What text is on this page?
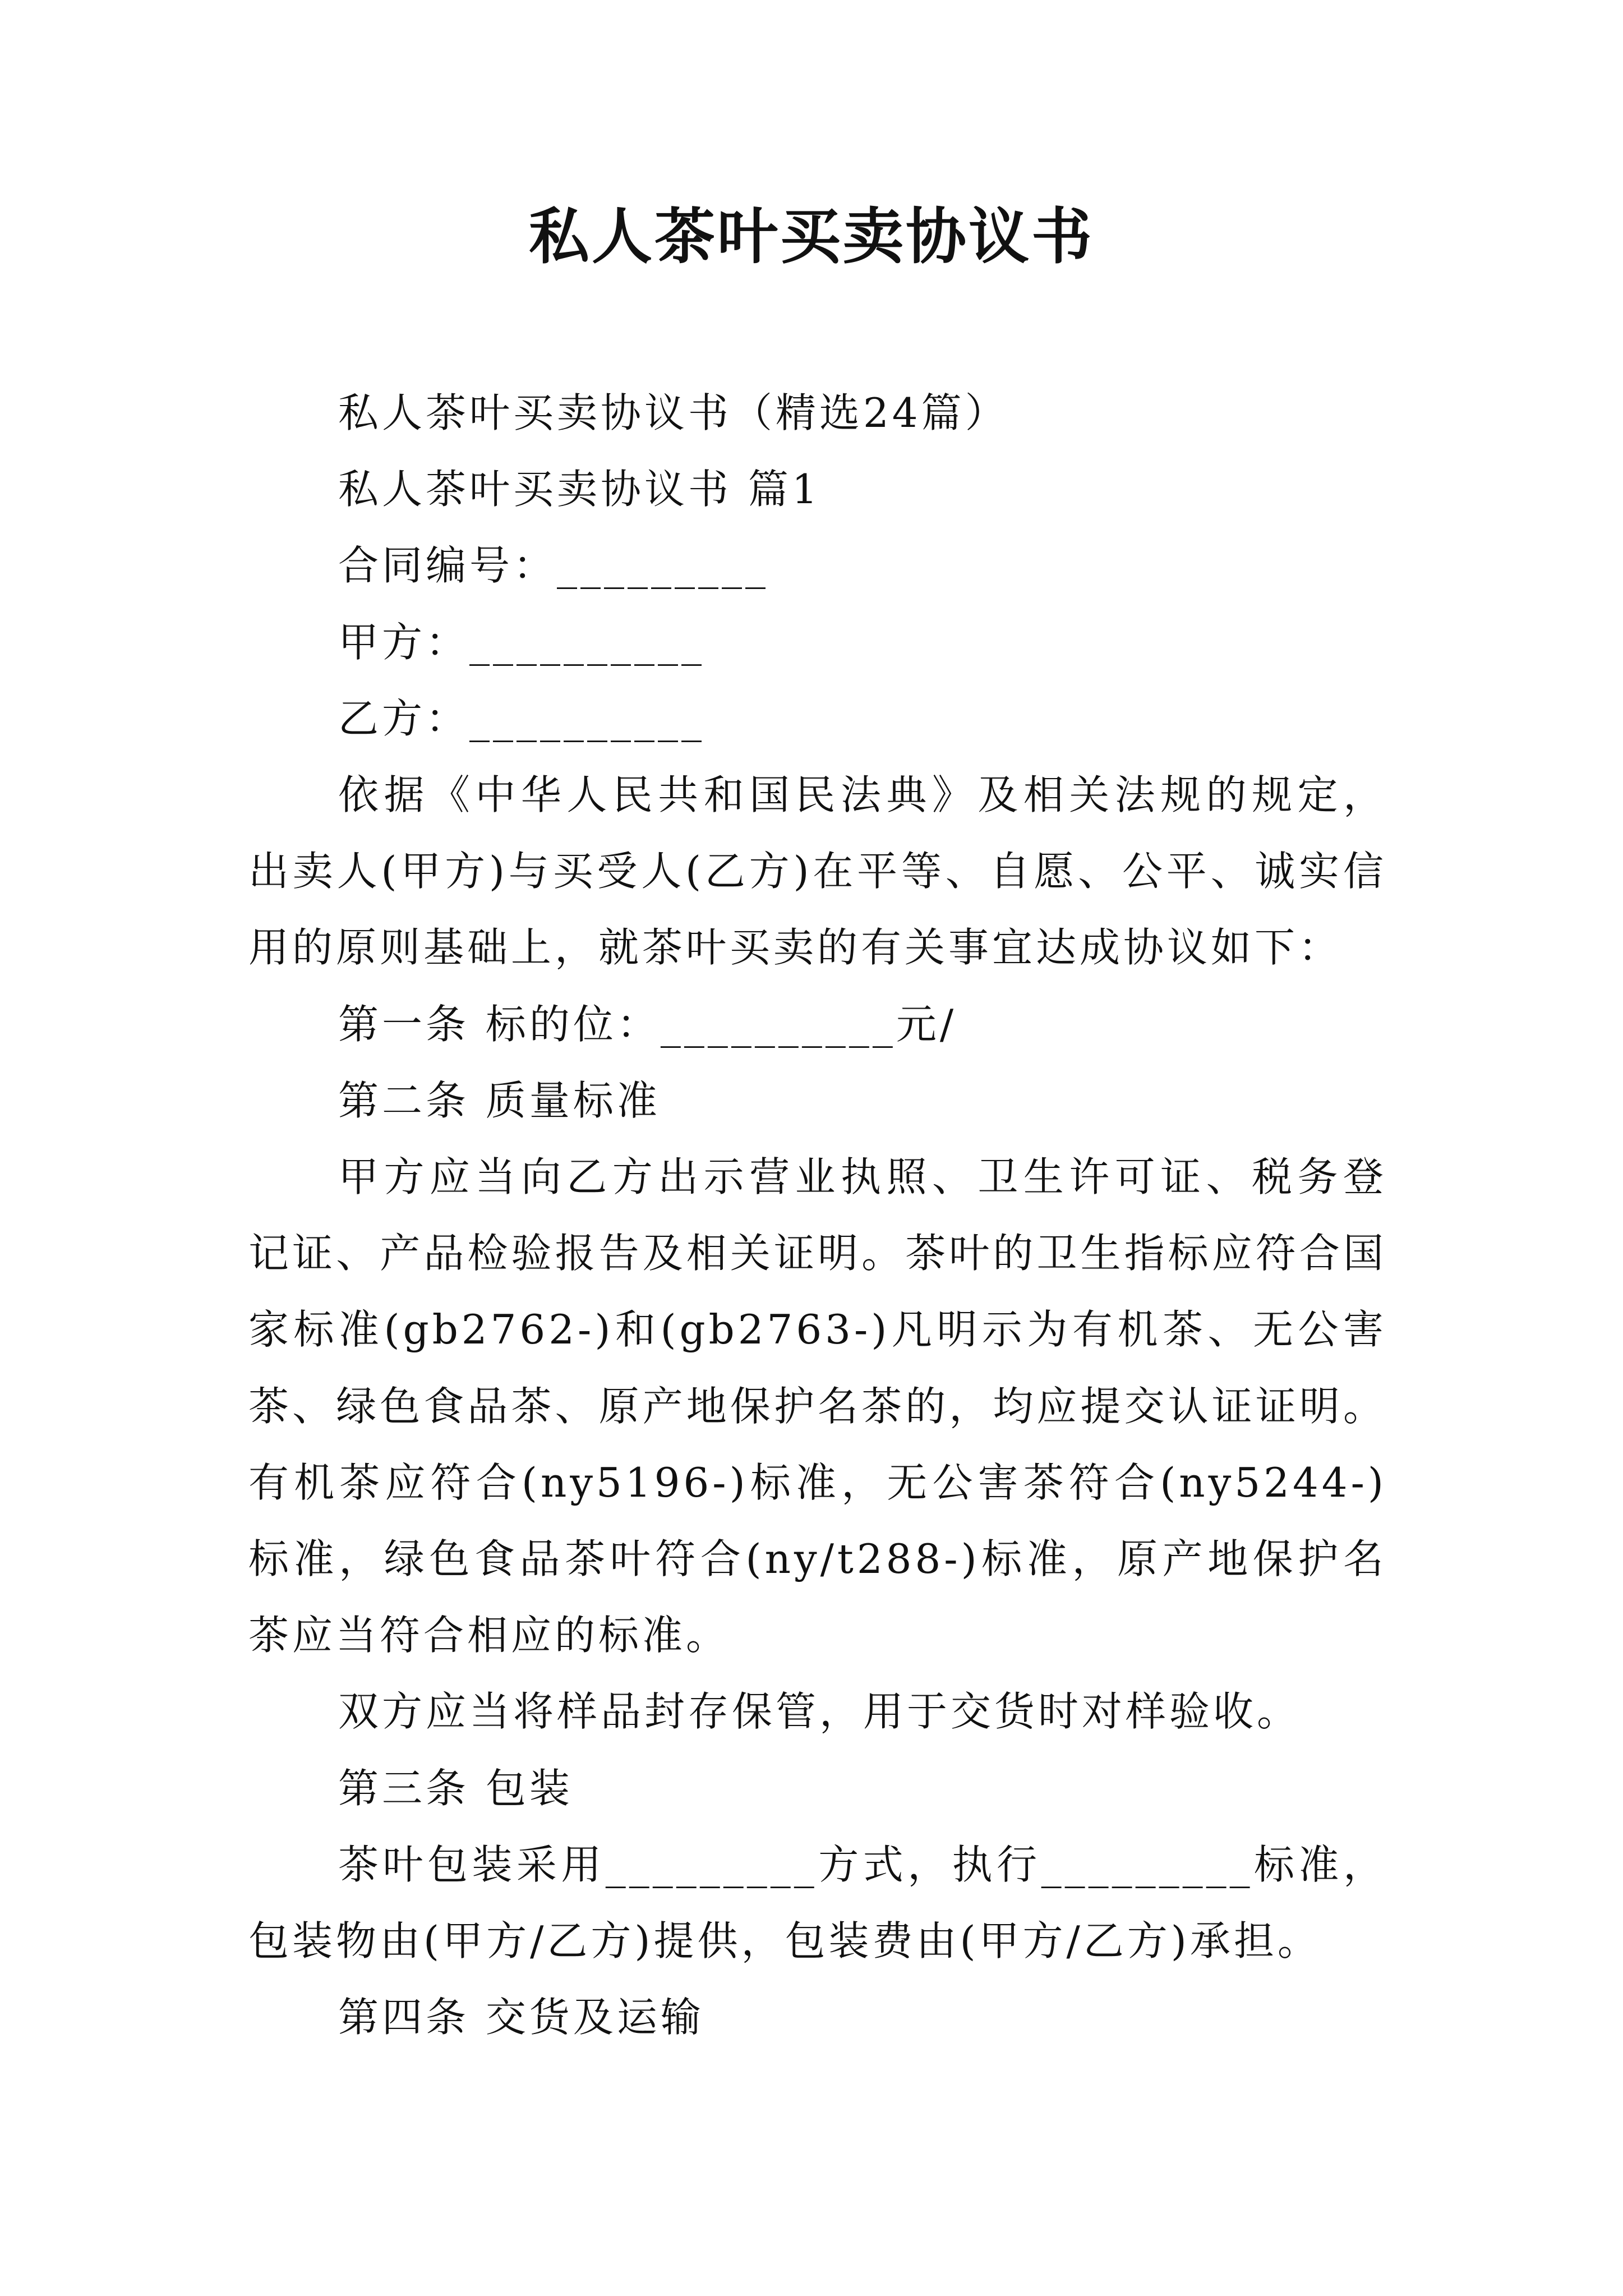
私人茶叶买卖协议书

私人茶叶买卖协议书（精选24篇）

私人茶叶买卖协议书 篇1

合同编号：_________

甲方：__________

乙方：__________

依据《中华人民共和国民法典》及相关法规的规定，出卖人(甲方)与买受人(乙方)在平等、自愿、公平、诚实信用的原则基础上，就茶叶买卖的有关事宜达成协议如下：

第一条 标的位：__________元/

第二条 质量标准

甲方应当向乙方出示营业执照、卫生许可证、税务登记证、产品检验报告及相关证明。茶叶的卫生指标应符合国家标准(gb2762-)和(gb2763-)凡明示为有机茶、无公害茶、绿色食品茶、原产地保护名茶的，均应提交认证证明。有机茶应符合(ny5196-)标准，无公害茶符合(ny5244-)标准，绿色食品茶叶符合(ny/t288-)标准，原产地保护名茶应当符合相应的标准。

双方应当将样品封存保管，用于交货时对样验收。

第三条 包装

茶叶包装采用_________方式，执行_________标准，包装物由(甲方/乙方)提供，包装费由(甲方/乙方)承担。

第四条 交货及运输
